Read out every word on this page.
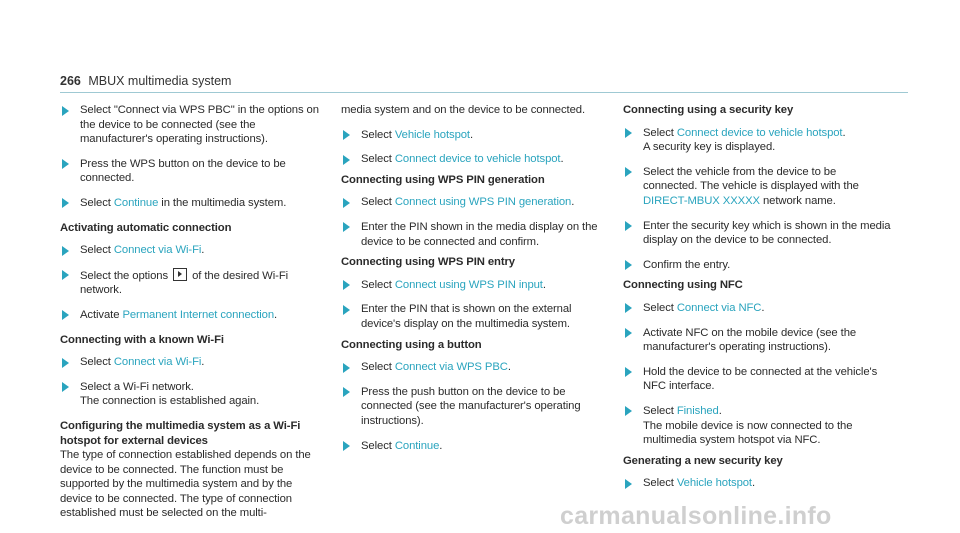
266 MBUX multimedia system
Select "Connect via WPS PBC" in the options on the device to be connected (see the manufacturer's operating instructions).
Press the WPS button on the device to be connected.
Select Continue in the multimedia system.
Activating automatic connection
Select Connect via Wi-Fi.
Select the options  of the desired Wi-Fi network.
Activate Permanent Internet connection.
Connecting with a known Wi-Fi
Select Connect via Wi-Fi.
Select a Wi-Fi network.
The connection is established again.
Configuring the multimedia system as a Wi-Fi hotspot for external devices
The type of connection established depends on the device to be connected. The function must be supported by the multimedia system and by the device to be connected. The type of connection established must be selected on the multi-
media system and on the device to be connected.
Select Vehicle hotspot.
Select Connect device to vehicle hotspot.
Connecting using WPS PIN generation
Select Connect using WPS PIN generation.
Enter the PIN shown in the media display on the device to be connected and confirm.
Connecting using WPS PIN entry
Select Connect using WPS PIN input.
Enter the PIN that is shown on the external device's display on the multimedia system.
Connecting using a button
Select Connect via WPS PBC.
Press the push button on the device to be connected (see the manufacturer's operating instructions).
Select Continue.
Connecting using a security key
Select Connect device to vehicle hotspot.
A security key is displayed.
Select the vehicle from the device to be connected. The vehicle is displayed with the DIRECT-MBUX XXXXX network name.
Enter the security key which is shown in the media display on the device to be connected.
Confirm the entry.
Connecting using NFC
Select Connect via NFC.
Activate NFC on the mobile device (see the manufacturer's operating instructions).
Hold the device to be connected at the vehicle's NFC interface.
Select Finished.
The mobile device is now connected to the multimedia system hotspot via NFC.
Generating a new security key
Select Vehicle hotspot.
carmanualsonline.info
